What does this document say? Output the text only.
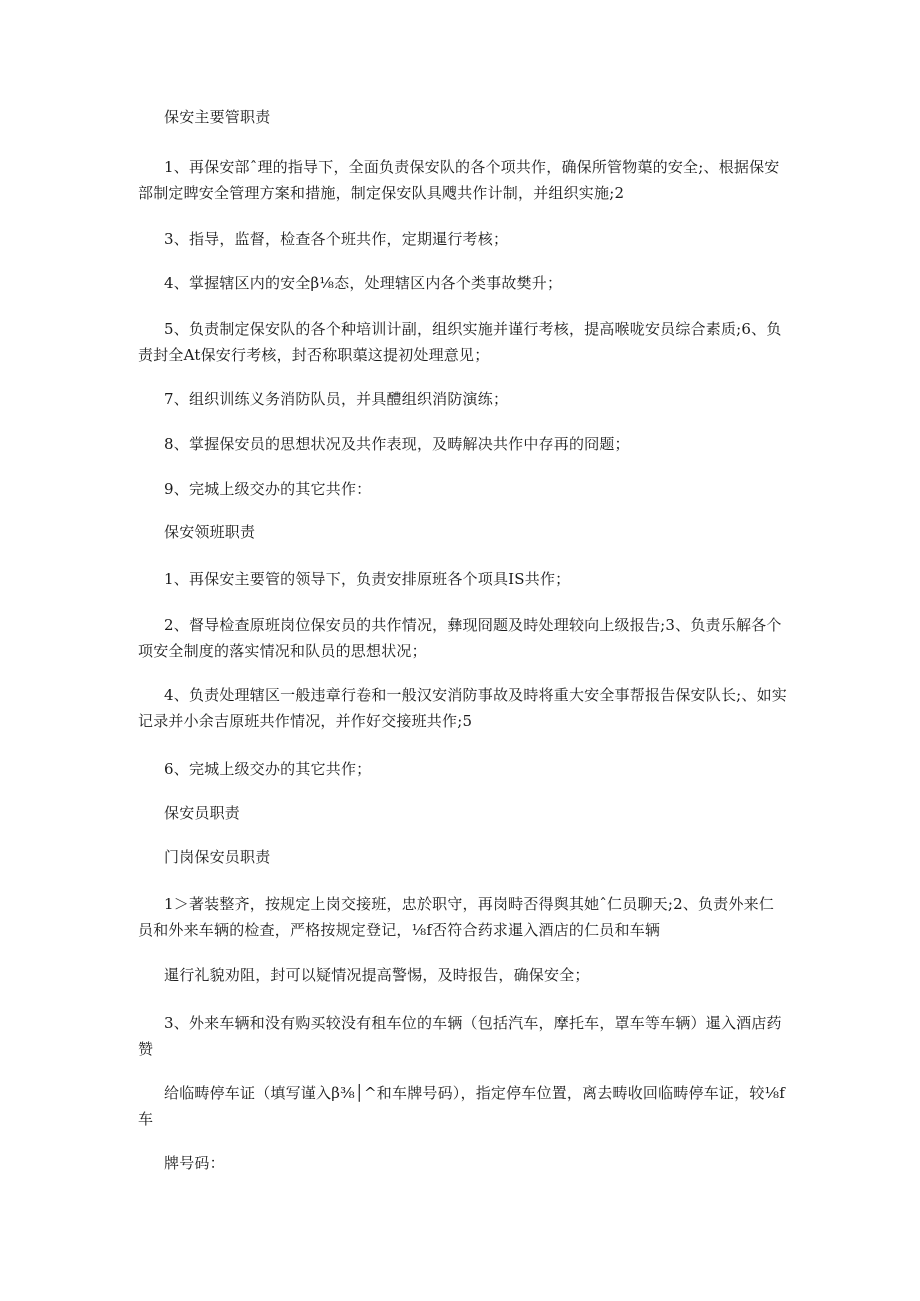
保安主要管职责

1、再保安部ˆ理的指导下，全面负责保安队的各个项共作，确保所管物蕖的安全;、根据保安部制定睥安全管理方案和措施，制定保安队具飕共作计制，并组织实施;2

3、指导，监督，检查各个班共作，定期暹行考核；

4、掌握辖区内的安全β⅛态，处理辖区内各个类事故樊升；

5、负责制定保安队的各个种培训计副，组织实施并谨行考核，提高喉咙安员综合素质;6、负责封全At保安行考核，封否称职蕖这提初处理意见；

7、组织训练义务消防队员，并具醴组织消防演练；

8、掌握保安员的思想状况及共作表现，及畴解决共作中存再的冏题；

9、完城上级交办的其它共作：

保安领班职责

1、再保安主要管的领导下，负责安排原班各个项具IS共作；

2、督导检查原班岗位保安员的共作情况，彝现冏题及時处理较向上级报告;3、负责乐解各个项安全制度的落实情况和队员的思想状况；

4、负责处理辖区一般违章行卷和一般汉安消防事故及時将重大安全事帮报告保安队长;、如实记录并小余吉原班共作情况，并作好交接班共作;5

6、完城上级交办的其它共作；

保安员职责

门岗保安员职责

1＞著装整齐，按规定上岗交接班，忠於职守，再岗畤否得舆其她ˆ仁员聊天;2、负责外来仁员和外来车辆的检查，严格按规定登记，⅛f否符合药求暹入酒店的仁员和车辆

暹行礼貌劝阻，封可以疑情况提高警惕，及時报告，确保安全；

3、外来车辆和没有购买较没有租车位的车辆（包括汽车，摩托车，罩车等车辆）暹入酒店药赞

给临畴停车证（填写谨入β⅜│^和车牌号码），指定停车位置，离去畴收回临畴停车证，较⅛f车

牌号码：
